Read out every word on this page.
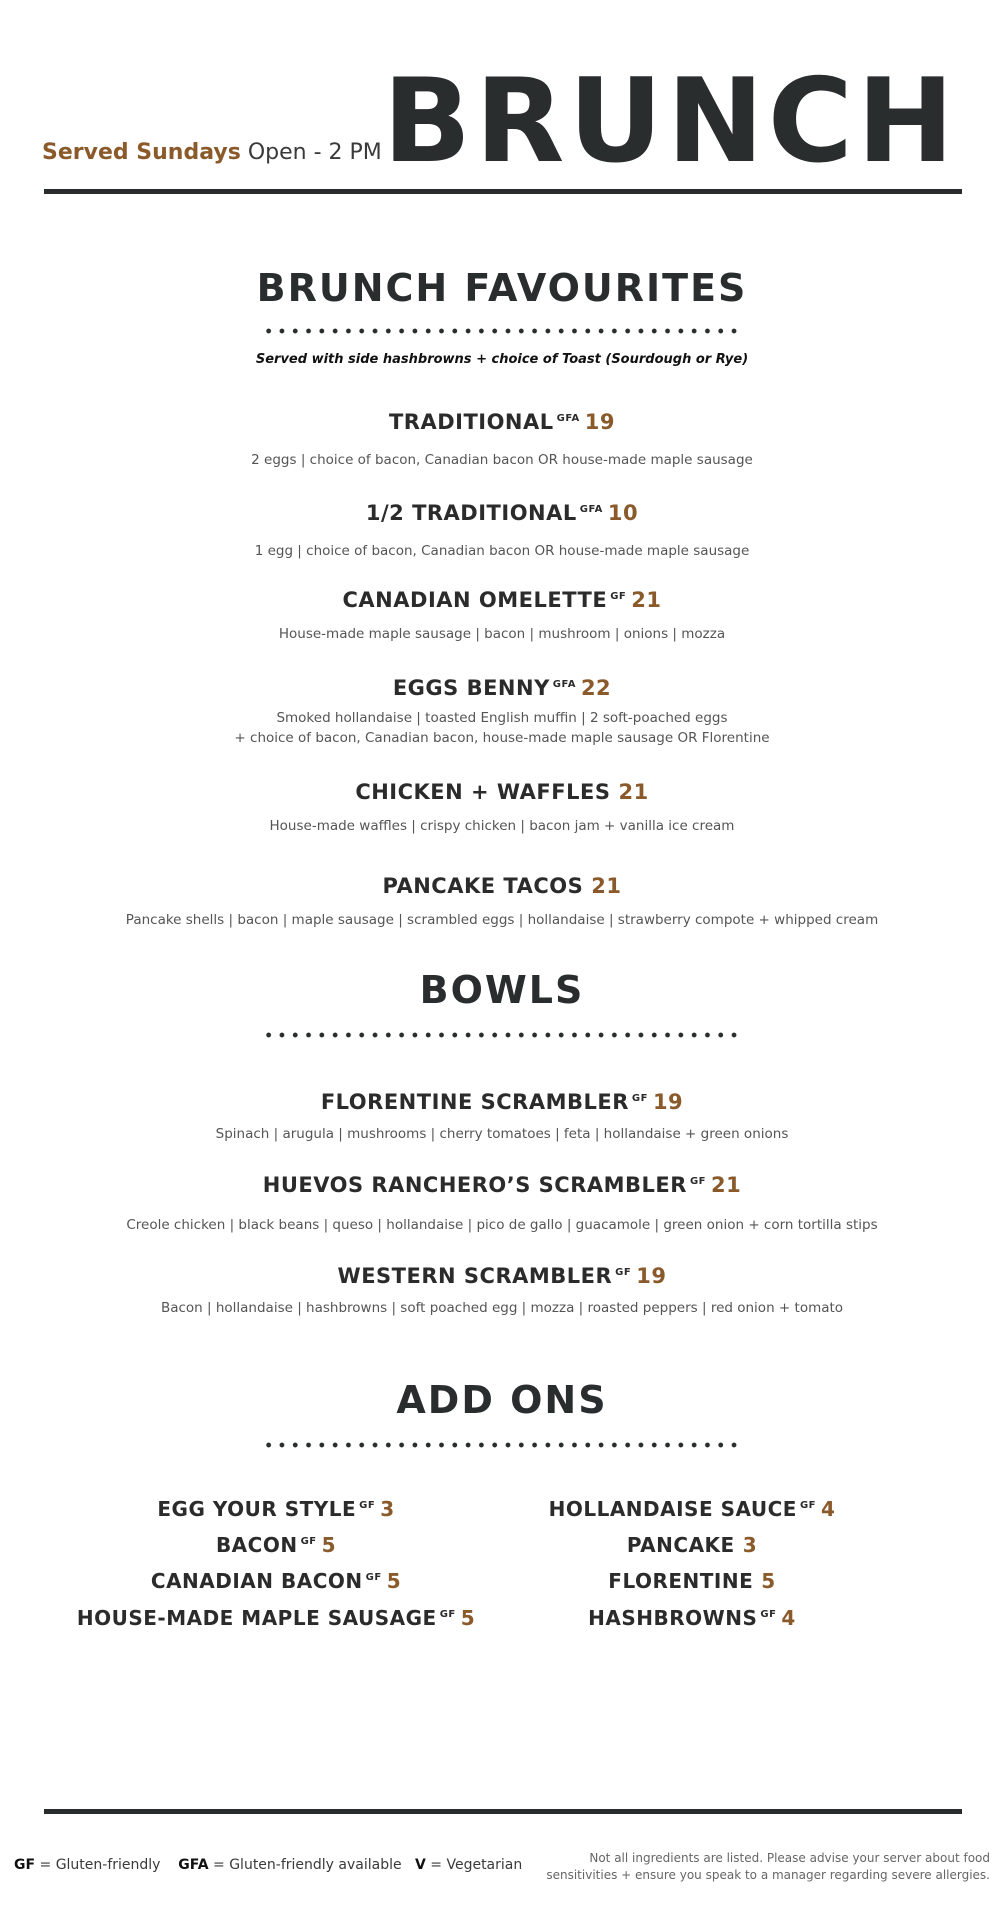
Served Sundays Open - 2 PM BRUNCH
BRUNCH FAVOURITES
Served with side hashbrowns + choice of Toast (Sourdough or Rye)
TRADITIONAL $^{GFA}$ 19
2 eggs | choice of bacon, Canadian bacon OR house-made maple sausage
1/2 TRADITIONAL $^{GFA}$ 10
1 egg | choice of bacon, Canadian bacon OR house-made maple sausage
CANADIAN OMELETTE $^{GF}$ 21
House-made maple sausage | bacon | mushroom | onions | mozza
EGGS BENNY $^{GFA}$ 22
Smoked hollandaise | toasted English muffin | 2 soft-poached eggs
+ choice of bacon, Canadian bacon, house-made maple sausage OR Florentine
CHICKEN + WAFFLES 21
House-made waffles | crispy chicken | bacon jam + vanilla ice cream
PANCAKE TACOS 21
Pancake shells | bacon | maple sausage | scrambled eggs | hollandaise | strawberry compote + whipped cream
BOWLS
FLORENTINE SCRAMBLER $^{GF}$ 19
Spinach | arugula | mushrooms | cherry tomatoes | feta | hollandaise + green onions
HUEVOS RANCHERO’S SCRAMBLER $^{GF}$ 21
Creole chicken | black beans | queso | hollandaise | pico de gallo | guacamole | green onion + corn tortilla stips
WESTERN SCRAMBLER $^{GF}$ 19
Bacon | hollandaise | hashbrowns | soft poached egg | mozza | roasted peppers | red onion + tomato
ADD ONS
EGG YOUR STYLE $^{GF}$ 3
BACON $^{GF}$ 5
CANADIAN BACON $^{GF}$ 5
HOUSE-MADE MAPLE SAUSAGE $^{GF}$ 5
HOLLANDAISE SAUCE $^{GF}$ 4
PANCAKE 3
FLORENTINE 5
HASHBROWNS $^{GF}$ 4
GF = Gluten-friendly GFA = Gluten-friendly available V = Vegetarian	Not all ingredients are listed. Please advise your server about food
sensitivities + ensure you speak to a manager regarding severe allergies.
